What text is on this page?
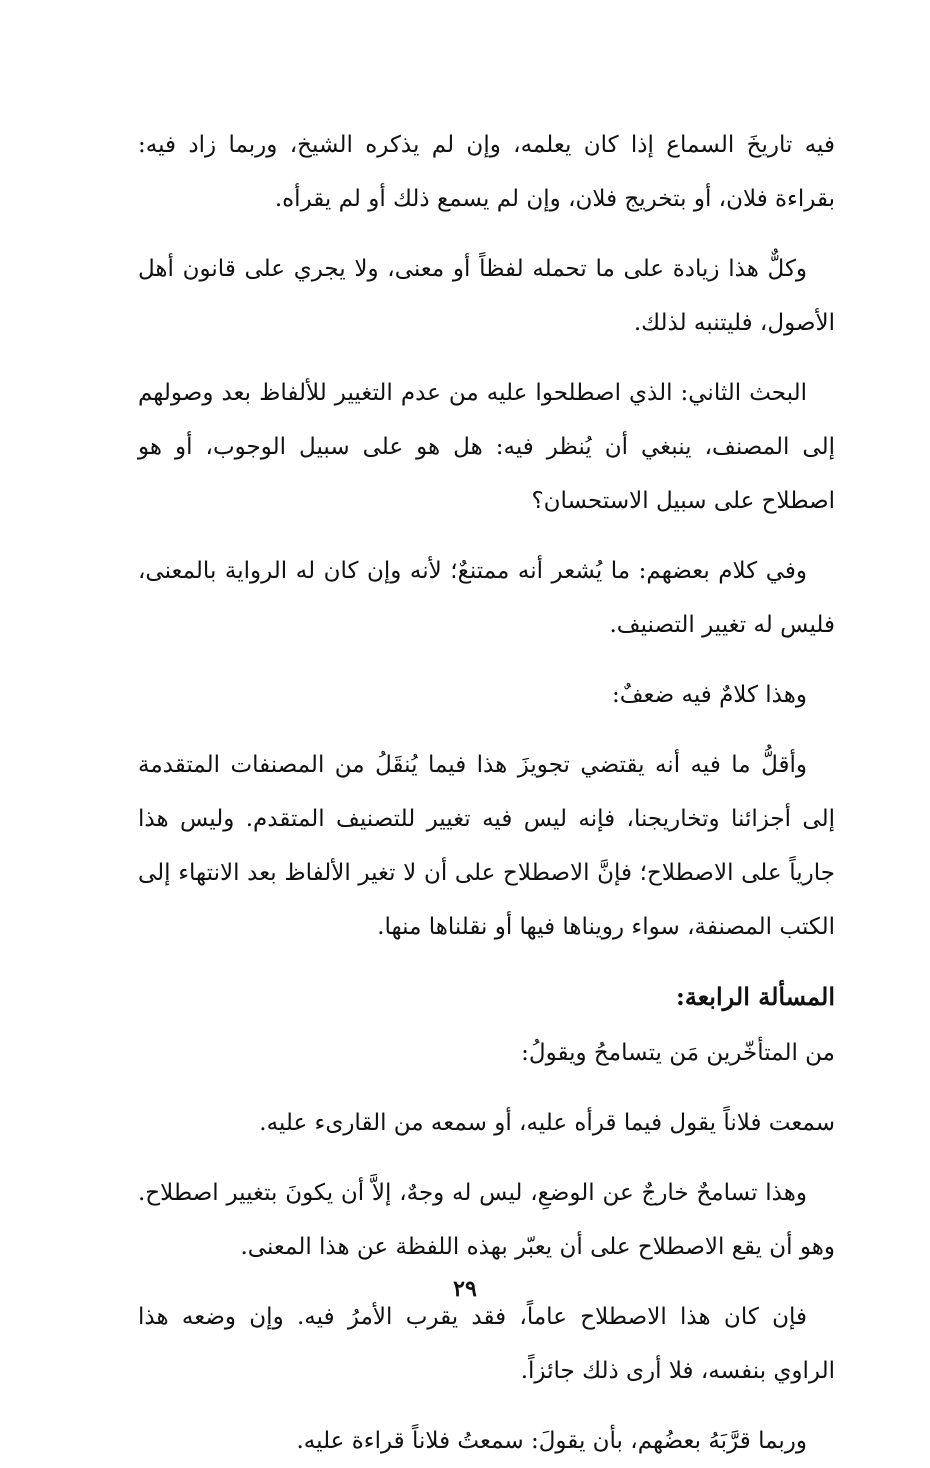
فيه تاريخَ السماع إذا كان يعلمه، وإن لم يذكره الشيخ، وربما زاد فيه: بقراءة فلان، أو بتخريج فلان، وإن لم يسمع ذلك أو لم يقرأه.

وكلٌّ هذا زيادة على ما تحمله لفظاً أو معنى، ولا يجري على قانون أهل الأصول، فليتنبه لذلك.

البحث الثاني: الذي اصطلحوا عليه من عدم التغيير للألفاظ بعد وصولهم إلى المصنف، ينبغي أن يُنظر فيه: هل هو على سبيل الوجوب، أو هو اصطلاح على سبيل الاستحسان؟

وفي كلام بعضهم: ما يُشعر أنه ممتنعٌ؛ لأنه وإن كان له الرواية بالمعنى، فليس له تغيير التصنيف.

وهذا كلامٌ فيه ضعفٌ:

وأقلُّ ما فيه أنه يقتضي تجويزَ هذا فيما يُنقَلُ من المصنفات المتقدمة إلى أجزائنا وتخاريجنا، فإنه ليس فيه تغيير للتصنيف المتقدم. وليس هذا جارياً على الاصطلاح؛ فإنَّ الاصطلاح على أن لا تغير الألفاظ بعد الانتهاء إلى الكتب المصنفة، سواء رويناها فيها أو نقلناها منها.

المسألة الرابعة:

من المتأخّرين مَن يتسامحُ ويقولُ:

سمعت فلاناً يقول فيما قرأه عليه، أو سمعه من القارىء عليه.

وهذا تسامحٌ خارجٌ عن الوضعِ، ليس له وجهٌ، إلاَّ أن يكونَ بتغيير اصطلاح. وهو أن يقع الاصطلاح على أن يعبّر بهذه اللفظة عن هذا المعنى.

فإن كان هذا الاصطلاح عاماً، فقد يقرب الأمرُ فيه. وإن وضعه هذا الراوي بنفسه، فلا أرى ذلك جائزاً.

وربما قرَّبَهُ بعضُهم، بأن يقولَ: سمعتُ فلاناً قراءة عليه.

٢٩
